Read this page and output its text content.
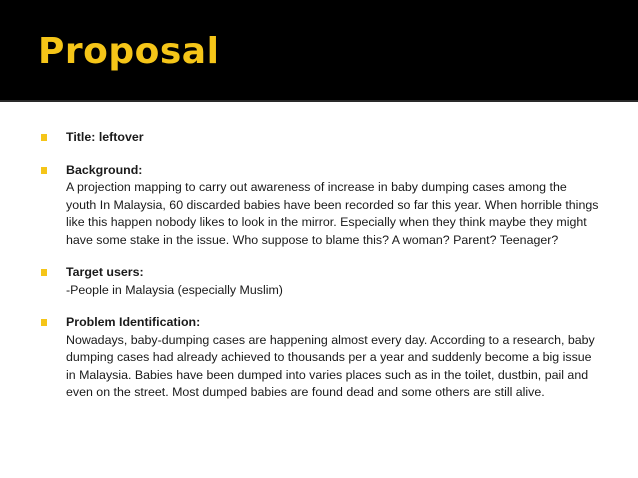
Proposal
Title: leftover
Background:
A projection mapping to carry out awareness of increase in baby dumping cases among the youth In Malaysia, 60 discarded babies have been recorded so far this year. When horrible things like this happen nobody likes to look in the mirror. Especially when they think maybe they might have some stake in the issue. Who suppose to blame this? A woman? Parent? Teenager?
Target users:
-People in Malaysia (especially Muslim)
Problem Identification:
Nowadays, baby-dumping cases are happening almost every day. According to a research, baby dumping cases had already achieved to thousands per a year and suddenly become a big issue in Malaysia. Babies have been dumped into varies places such as in the toilet, dustbin, pail and even on the street. Most dumped babies are found dead and some others are still alive.
